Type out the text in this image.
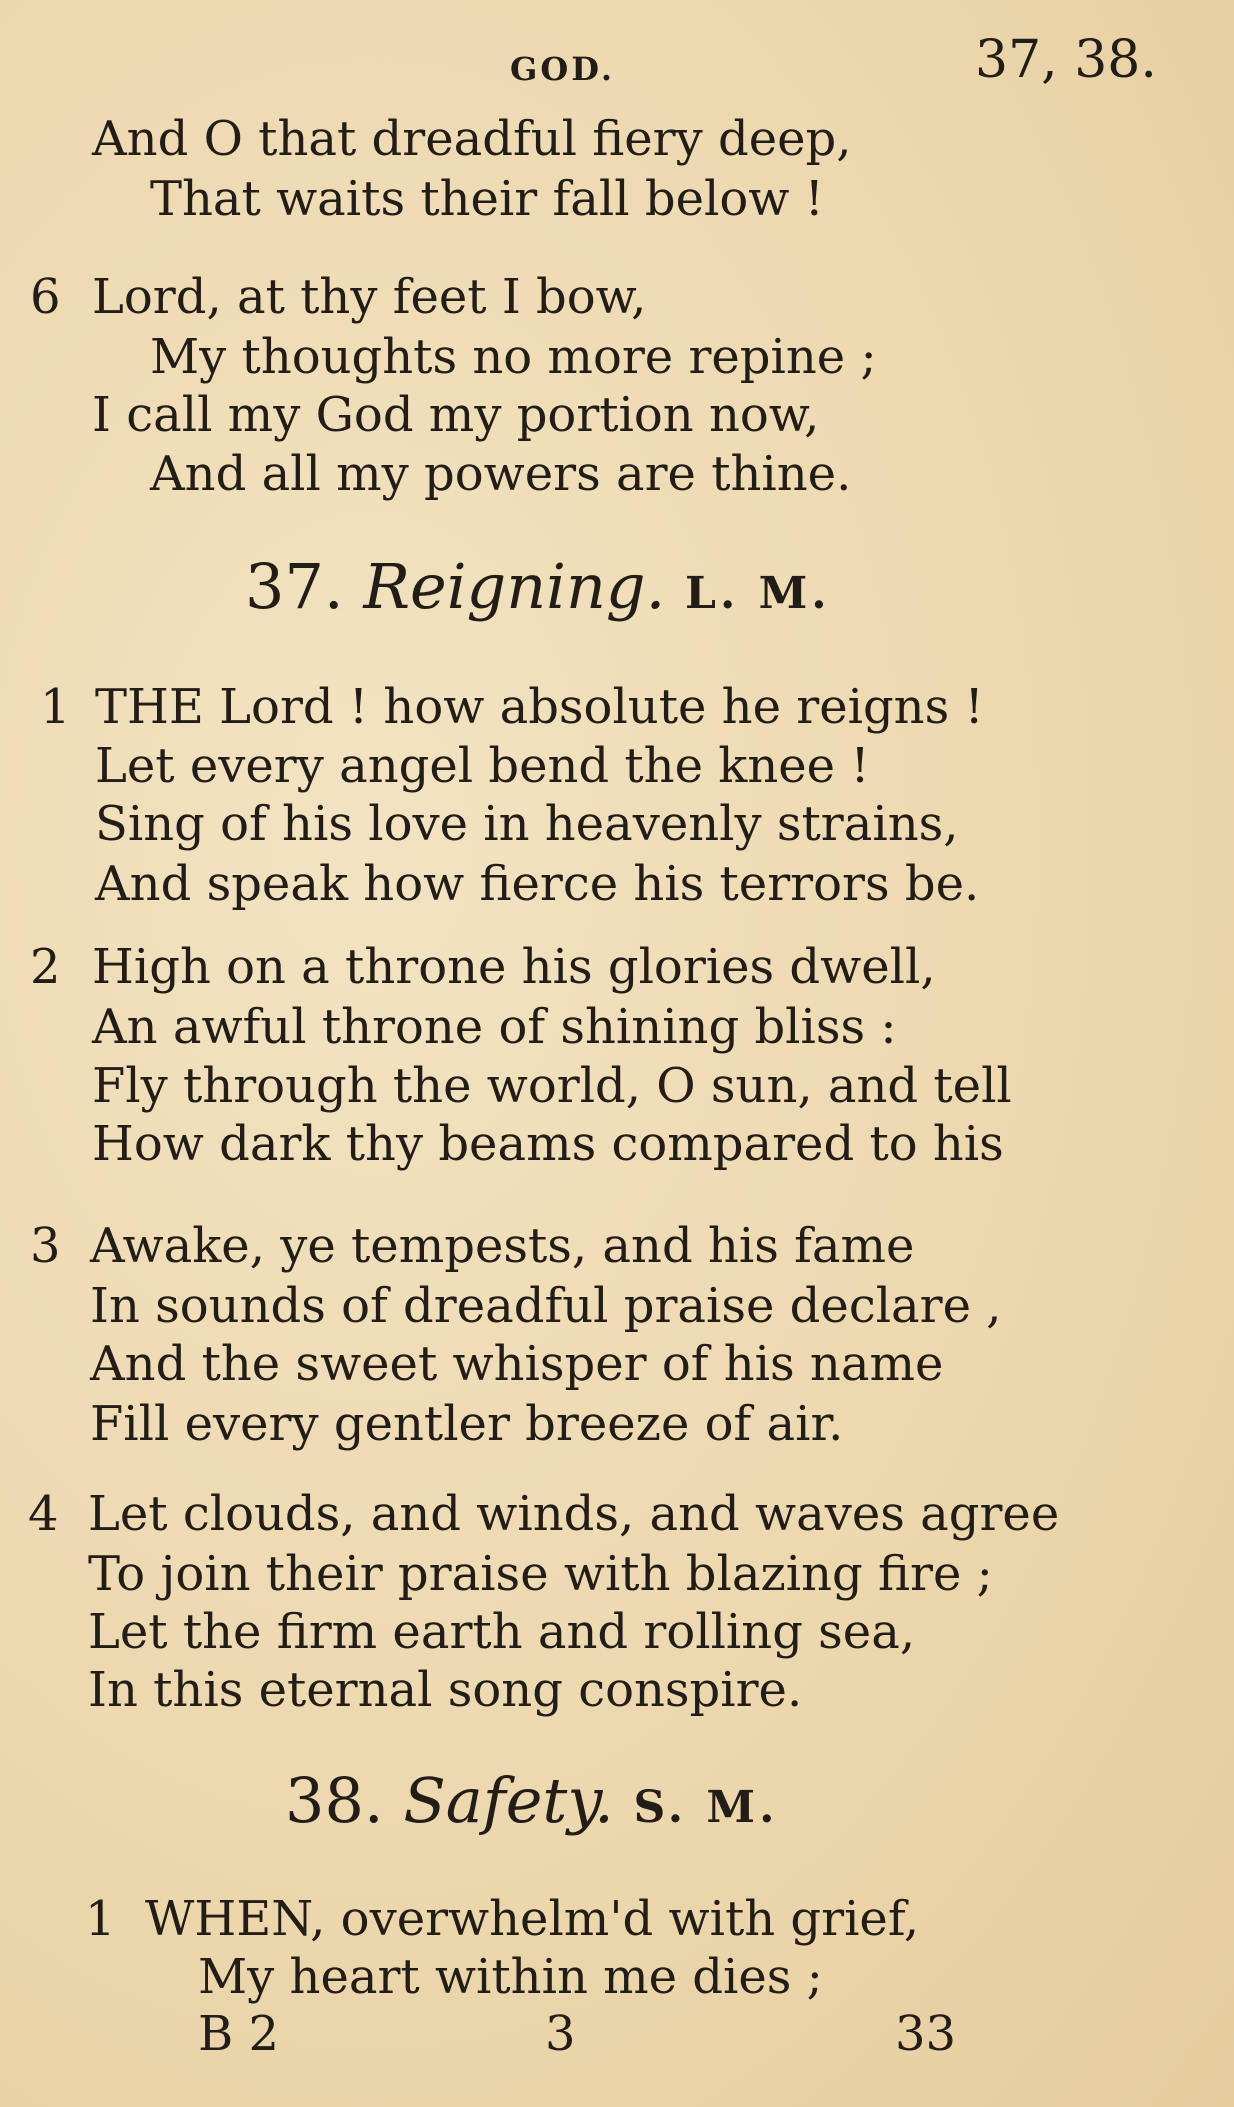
GOD.	37, 38.
And O that dreadful fiery deep,
That waits their fall below !
6 Lord, at thy feet I bow,
My thoughts no more repine ;
I call my God my portion now,
And all my powers are thine.
37. Reigning. L. M.
1 THE Lord ! how absolute he reigns !
Let every angel bend the knee !
Sing of his love in heavenly strains,
And speak how fierce his terrors be.
2 High on a throne his glories dwell,
An awful throne of shining bliss :
Fly through the world, O sun, and tell
How dark thy beams compared to his
3 Awake, ye tempests, and his fame
In sounds of dreadful praise declare ,
And the sweet whisper of his name
Fill every gentler breeze of air.
4 Let clouds, and winds, and waves agree
To join their praise with blazing fire ;
Let the firm earth and rolling sea,
In this eternal song conspire.
38. Safety. S. M.
1 WHEN, overwhelm'd with grief,
My heart within me dies ;
B 2	3	33
